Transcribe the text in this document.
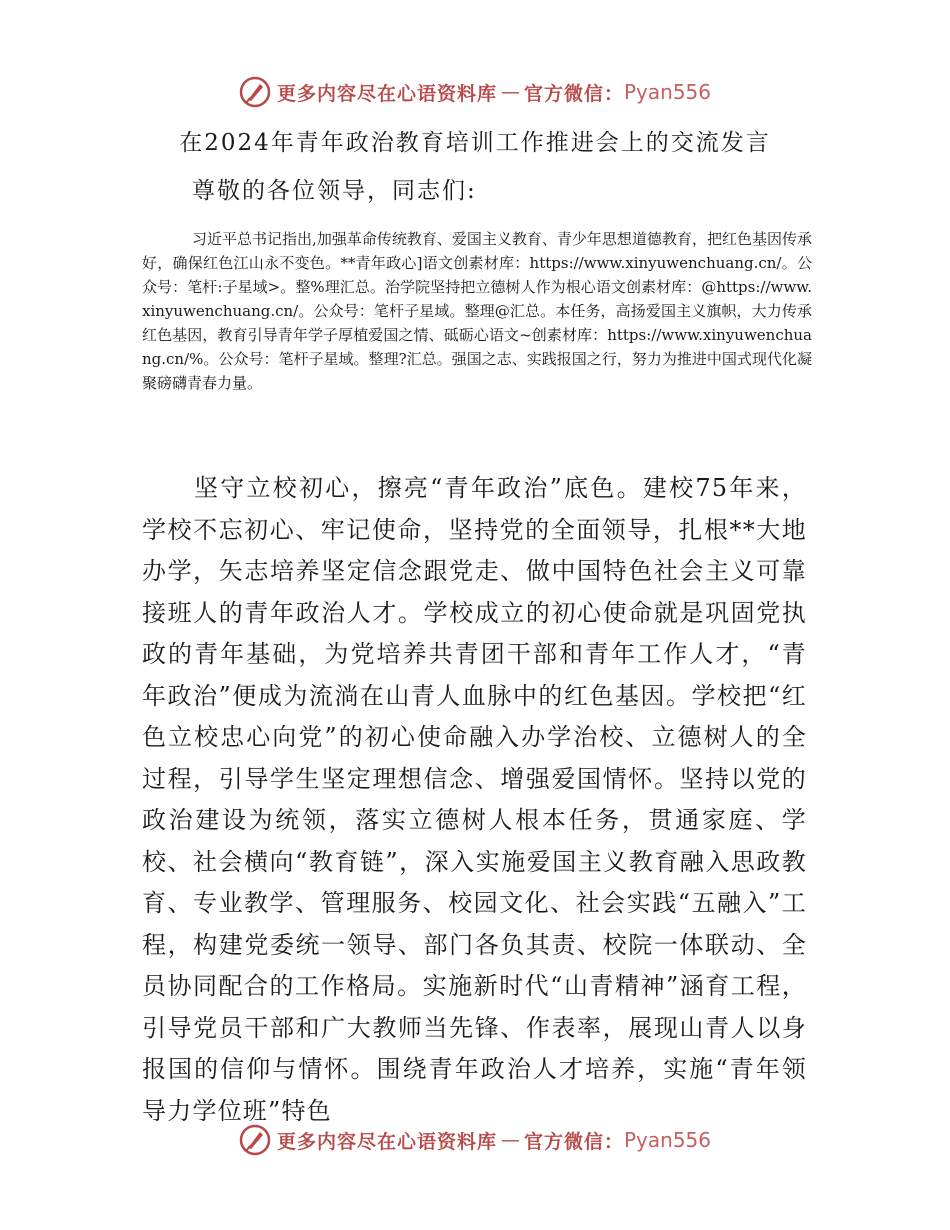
更多内容尽在心语资料库 — 官方微信： Pyan556
在2024年青年政治教育培训工作推进会上的交流发言
尊敬的各位领导，同志们:

习近平总书记指出,加强革命传统教育、爱国主义教育、青少年思想道德教育，把红色基因传承好，确保红色江山永不变色。**青年政心]语文创素材库：https://www.xinyuwenchuang.cn/。公众号：笔杆:子星域>。整%理汇总。治学院坚持把立德树人作为根心语文创素材库：@https://www.xinyuwenchuang.cn/。公众号：笔杆子星域。整理@汇总。本任务，高扬爱国主义旗帜，大力传承红色基因，教育引导青年学子厚植爱国之情、砥砺心语文~创素材库：https://www.xinyuwenchuang.cn/%。公众号：笔杆子星域。整理?汇总。强国之志、实践报国之行，努力为推进中国式现代化凝聚磅礴青春力量。

坚守立校初心，擦亮“青年政治”底色。建校75年来，学校不忘初心、牢记使命，坚持党的全面领导，扎根**大地办学，矢志培养坚定信念跟党走、做中国特色社会主义可靠接班人的青年政治人才。学校成立的初心使命就是巩固党执政的青年基础，为党培养共青团干部和青年工作人才，“青年政治”便成为流淌在山青人血脉中的红色基因。学校把“红色立校忠心向党”的初心使命融入办学治校、立德树人的全过程，引导学生坚定理想信念、增强爱国情怀。坚持以党的政治建设为统领，落实立德树人根本任务，贯通家庭、学校、社会横向“教育链”，深入实施爱国主义教育融入思政教育、专业教学、管理服务、校园文化、社会实践“五融入”工程，构建党委统一领导、部门各负其责、校院一体联动、全员协同配合的工作格局。实施新时代“山青精神”涵育工程，引导党员干部和广大教师当先锋、作表率，展现山青人以身报国的信仰与情怀。围绕青年政治人才培养，实施“青年领导力学位班”特色

更多内容尽在心语资料库 — 官方微信： Pyan556
